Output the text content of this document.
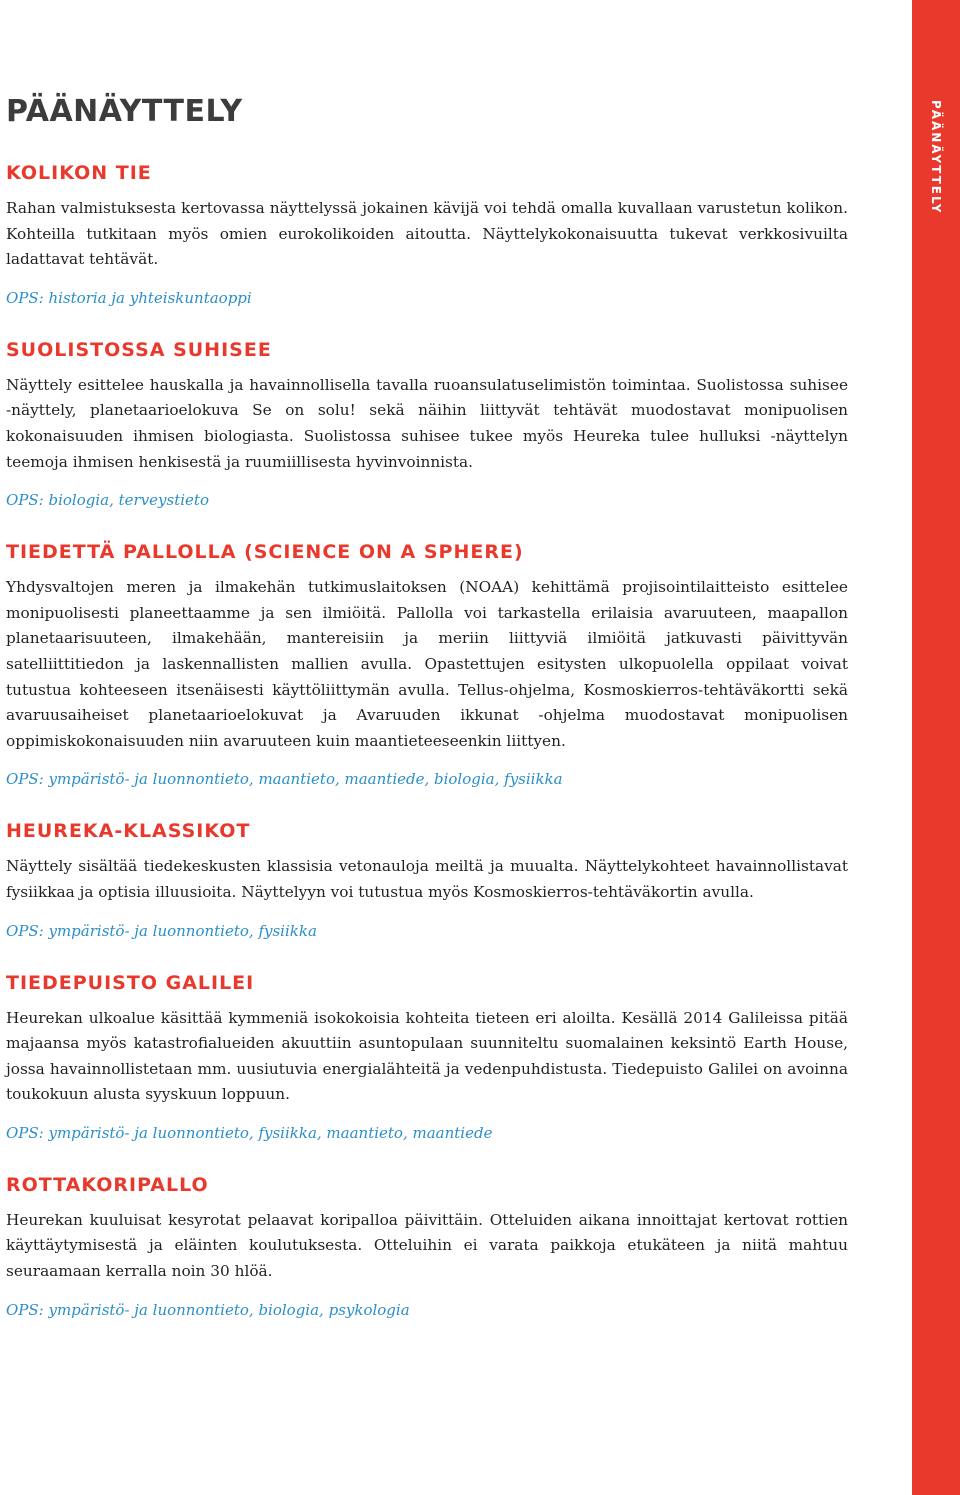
PÄÄNÄYTTELY
PÄÄNÄYTTELY
KOLIKON TIE

Rahan valmistuksesta kertovassa näyttelyssä jokainen kävijä voi tehdä omalla kuvallaan varustetun kolikon. Kohteilla tutkitaan myös omien eurokolikoiden aitoutta. Näyttelykokonaisuutta tukevat verkkosivuilta ladattavat tehtävät.

OPS: historia ja yhteiskuntaoppi

SUOLISTOSSA SUHISEE

Näyttely esittelee hauskalla ja havainnollisella tavalla ruoansulatuselimistön toimintaa. Suolistossa suhisee -näyttely, planetaarioelokuva Se on solu! sekä näihin liittyvät tehtävät muodostavat monipuolisen kokonaisuuden ihmisen biologiasta. Suolistossa suhisee tukee myös Heureka tulee hulluksi -näyttelyn teemoja ihmisen henkisestä ja ruumiillisesta hyvinvoinnista.

OPS: biologia, terveystieto

TIEDETTÄ PALLOLLA (SCIENCE ON A SPHERE)

Yhdysvaltojen meren ja ilmakehän tutkimuslaitoksen (NOAA) kehittämä projisointilaitteisto esittelee monipuolisesti planeettaamme ja sen ilmiöitä. Pallolla voi tarkastella erilaisia avaruuteen, maapallon planetaarisuuteen, ilmakehään, mantereisiin ja meriin liittyviä ilmiöitä jatkuvasti päivittyvän satelliittitiedon ja laskennallisten mallien avulla. Opastettujen esitysten ulkopuolella oppilaat voivat tutustua kohteeseen itsenäisesti käyttöliittymän avulla. Tellus-ohjelma, Kosmoskierros-tehtäväkortti sekä avaruusaiheiset planetaarioelokuvat ja Avaruuden ikkunat -ohjelma muodostavat monipuolisen oppimiskokonaisuuden niin avaruuteen kuin maantieteeseenkin liittyen.

OPS: ympäristö- ja luonnontieto, maantieto, maantiede, biologia, fysiikka

HEUREKA-KLASSIKOT

Näyttely sisältää tiedekeskusten klassisia vetonauloja meiltä ja muualta. Näyttelykohteet havainnollistavat fysiikkaa ja optisia illuusioita. Näyttelyyn voi tutustua myös Kosmoskierros-tehtäväkortin avulla.

OPS: ympäristö- ja luonnontieto, fysiikka

TIEDEPUISTO GALILEI

Heurekan ulkoalue käsittää kymmeniä isokokoisia kohteita tieteen eri aloilta. Kesällä 2014 Galileissa pitää majaansa myös katastrofialueiden akuuttiin asuntopulaan suunniteltu suomalainen keksintö Earth House, jossa havainnollistetaan mm. uusiutuvia energialähteitä ja vedenpuhdistusta. Tiedepuisto Galilei on avoinna toukokuun alusta syyskuun loppuun.

OPS: ympäristö- ja luonnontieto, fysiikka, maantieto, maantiede

ROTTAKORIPALLO

Heurekan kuuluisat kesyrotat pelaavat koripalloa päivittäin. Otteluiden aikana innoittajat kertovat rottien käyttäytymisestä ja eläinten koulutuksesta. Otteluihin ei varata paikkoja etukäteen ja niitä mahtuu seuraamaan kerralla noin 30 hlöä.

OPS: ympäristö- ja luonnontieto, biologia, psykologia
